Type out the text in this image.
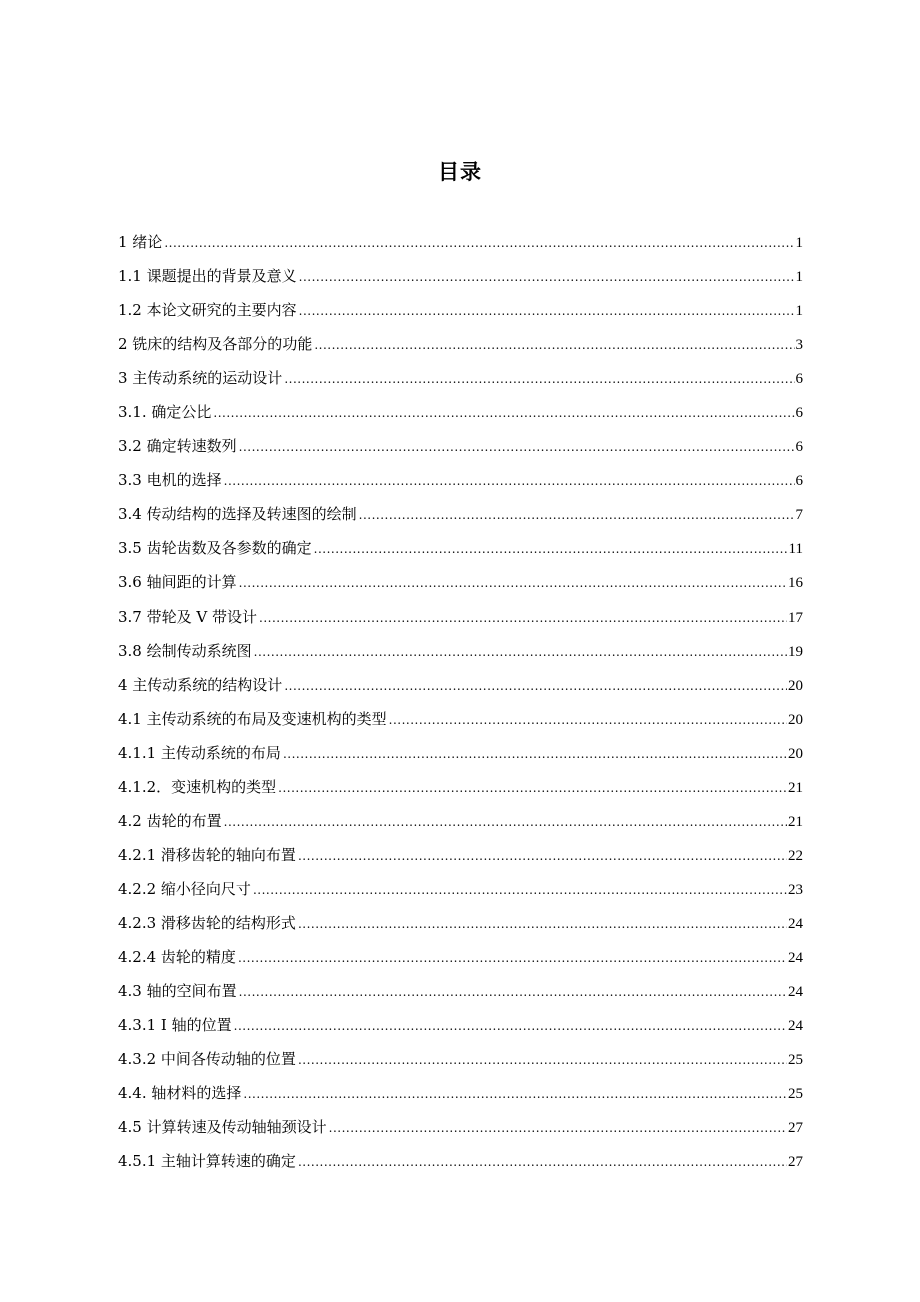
目录
1 绪论 .....	1
1.1 课题提出的背景及意义 .....	1
1.2 本论文研究的主要内容 .....	1
2 铣床的结构及各部分的功能 .....	3
3 主传动系统的运动设计 .....	6
3.1. 确定公比 .....	6
3.2 确定转速数列 .....	6
3.3 电机的选择 .....	6
3.4 传动结构的选择及转速图的绘制 .....	7
3.5 齿轮齿数及各参数的确定 .....	11
3.6 轴间距的计算 .....	16
3.7 带轮及 V 带设计 .....	17
3.8 绘制传动系统图 .....	19
4 主传动系统的结构设计 .....	20
4.1 主传动系统的布局及变速机构的类型 .....	20
4.1.1 主传动系统的布局 .....	20
4.1.2．变速机构的类型 .....	21
4.2 齿轮的布置 .....	21
4.2.1 滑移齿轮的轴向布置 .....	22
4.2.2 缩小径向尺寸 .....	23
4.2.3 滑移齿轮的结构形式 .....	24
4.2.4 齿轮的精度 .....	24
4.3 轴的空间布置 .....	24
4.3.1 I 轴的位置 .....	24
4.3.2 中间各传动轴的位置 .....	25
4.4. 轴材料的选择 .....	25
4.5 计算转速及传动轴轴颈设计 .....	27
4.5.1 主轴计算转速的确定 .....	27
